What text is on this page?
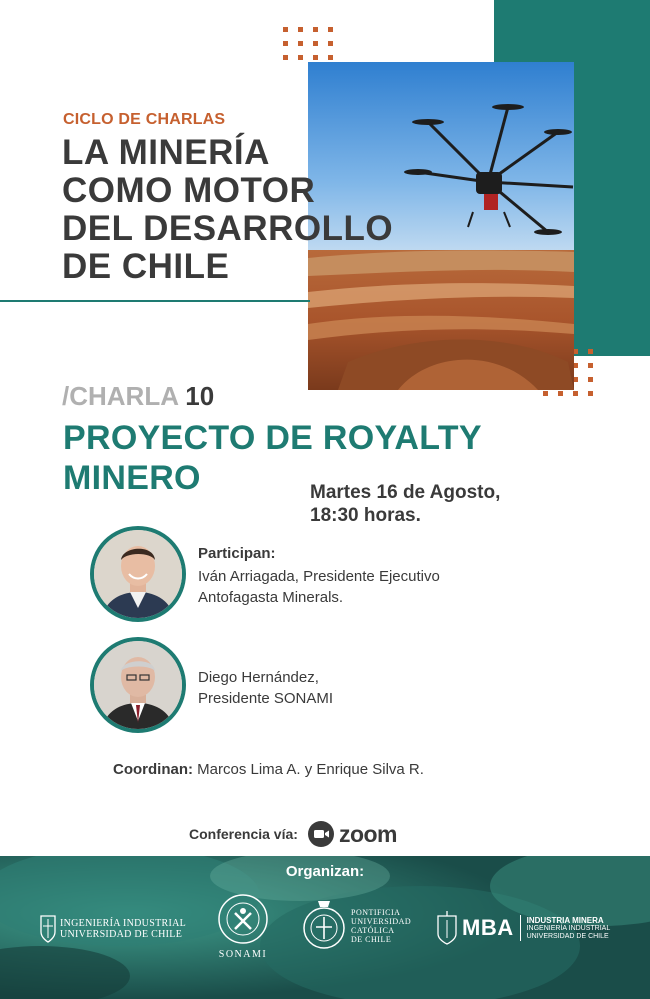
CICLO DE CHARLAS
LA MINERÍA
COMO MOTOR
DEL DESARROLLO
DE CHILE
/CHARLA 10
PROYECTO DE ROYALTY
MINERO	Martes 16 de Agosto,
18:30 horas.
Participan:
Iván Arriagada, Presidente Ejecutivo
Antofagasta Minerals.
Diego Hernández,
Presidente SONAMI
Coordinan: Marcos Lima A. y Enrique Silva R.
Conferencia vía: zoom
Organizan:
INGENIERÍA INDUSTRIAL
UNIVERSIDAD DE CHILE
SONAMI
PONTIFICIA
UNIVERSIDAD
CATÓLICA
DE CHILE	MBA INDUSTRIA MINERA
INGENIERÍA INDUSTRIAL
UNIVERSIDAD DE CHILE
